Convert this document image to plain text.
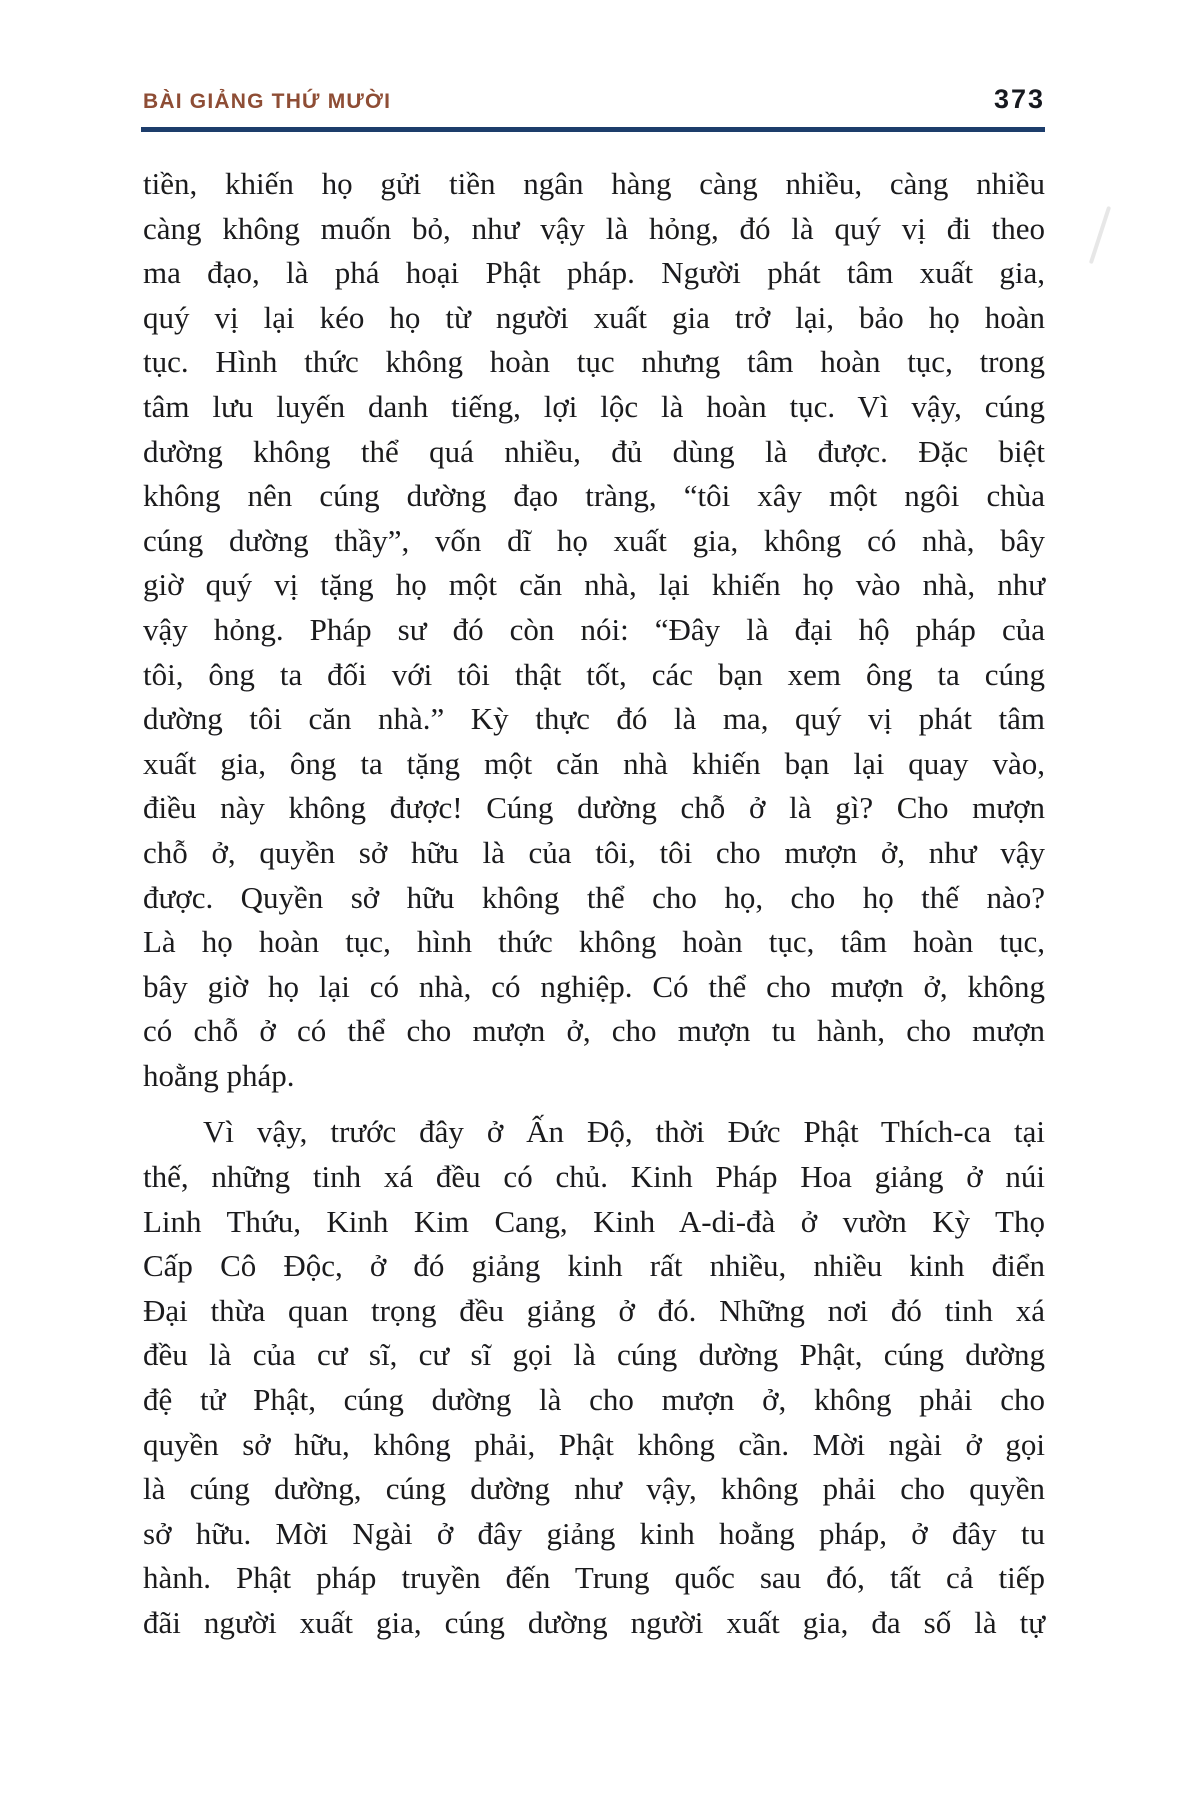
BÀI GIẢNG THỨ MƯỜI	373
tiền, khiến họ gửi tiền ngân hàng càng nhiều, càng nhiều
càng không muốn bỏ, như vậy là hỏng, đó là quý vị đi theo
ma đạo, là phá hoại Phật pháp. Người phát tâm xuất gia,
quý vị lại kéo họ từ người xuất gia trở lại, bảo họ hoàn
tục. Hình thức không hoàn tục nhưng tâm hoàn tục, trong
tâm lưu luyến danh tiếng, lợi lộc là hoàn tục. Vì vậy, cúng
dường không thể quá nhiều, đủ dùng là được. Đặc biệt
không nên cúng dường đạo tràng, “tôi xây một ngôi chùa
cúng dường thầy”, vốn dĩ họ xuất gia, không có nhà, bây
giờ quý vị tặng họ một căn nhà, lại khiến họ vào nhà, như
vậy hỏng. Pháp sư đó còn nói: “Đây là đại hộ pháp của
tôi, ông ta đối với tôi thật tốt, các bạn xem ông ta cúng
dường tôi căn nhà.” Kỳ thực đó là ma, quý vị phát tâm
xuất gia, ông ta tặng một căn nhà khiến bạn lại quay vào,
điều này không được! Cúng dường chỗ ở là gì? Cho mượn
chỗ ở, quyền sở hữu là của tôi, tôi cho mượn ở, như vậy
được. Quyền sở hữu không thể cho họ, cho họ thế nào?
Là họ hoàn tục, hình thức không hoàn tục, tâm hoàn tục,
bây giờ họ lại có nhà, có nghiệp. Có thể cho mượn ở, không
có chỗ ở có thể cho mượn ở, cho mượn tu hành, cho mượn
hoằng pháp.
Vì vậy, trước đây ở Ấn Độ, thời Đức Phật Thích-ca tại
thế, những tinh xá đều có chủ. Kinh Pháp Hoa giảng ở núi
Linh Thứu, Kinh Kim Cang, Kinh A-di-đà ở vườn Kỳ Thọ
Cấp Cô Độc, ở đó giảng kinh rất nhiều, nhiều kinh điển
Đại thừa quan trọng đều giảng ở đó. Những nơi đó tinh xá
đều là của cư sĩ, cư sĩ gọi là cúng dường Phật, cúng dường
đệ tử Phật, cúng dường là cho mượn ở, không phải cho
quyền sở hữu, không phải, Phật không cần. Mời ngài ở gọi
là cúng dường, cúng dường như vậy, không phải cho quyền
sở hữu. Mời Ngài ở đây giảng kinh hoằng pháp, ở đây tu
hành. Phật pháp truyền đến Trung quốc sau đó, tất cả tiếp
đãi người xuất gia, cúng dường người xuất gia, đa số là tự
